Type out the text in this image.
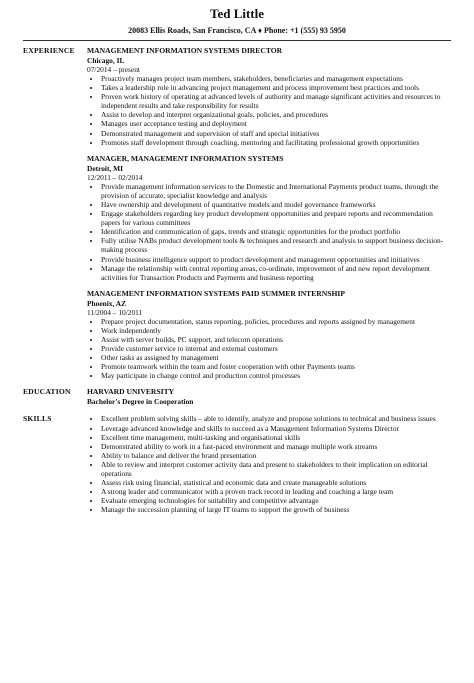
Ted Little
20083 Ellis Roads, San Francisco, CA ♦ Phone: +1 (555) 93 5950
EXPERIENCE	MANAGEMENT INFORMATION SYSTEMS DIRECTOR
Chicago, IL
07/2014 – present
• Proactively manages project team members, stakeholders, beneficiaries and management expectations
• Takes a leadership role in advancing project management and process improvement best practices and tools
• Proven work history of operating at advanced levels of authority and manage significant activities and resources to independent results and take responsibility for results
• Assist to develop and interpret organizational goals, policies, and procedures
• Manages user acceptance testing and deployment
• Demonstrated management and supervision of staff and special initiatives
• Promotes staff development through coaching, mentoring and facilitating professional growth opportunities
MANAGER, MANAGEMENT INFORMATION SYSTEMS
Detroit, MI
12/2011 – 02/2014
• Provide management information services to the Domestic and International Payments product teams, through the provision of accurate, specialist knowledge and analysis
• Have ownership and development of quantitative models and model governance frameworks
• Engage stakeholders regarding key product development opportunities and prepare reports and recommendation papers for various committees
• Identification and communication of gaps, trends and strategic opportunities for the product portfolio
• Fully utilise NABs product development tools & techniques and research and analysis to support business decision-making process
• Provide business intelligence support to product development and management opportunities and initiatives
• Manage the relationship with central reporting areas, co-ordinate, improvement of and new report development activities for Transaction Products and Payments and business reporting
MANAGEMENT INFORMATION SYSTEMS PAID SUMMER INTERNSHIP
Phoenix, AZ
11/2004 – 10/2011
• Prepare project documentation, status reporting, policies, procedures and reports assigned by management
• Work independently
• Assist with server builds, PC support, and telecom operations
• Provide customer service to internal and external customers
• Other tasks as assigned by management
• Promote teamwork within the team and foster cooperation with other Payments teams
• May participate in change control and production control processes
EDUCATION	HARVARD UNIVERSITY
Bachelor's Degree in Cooperation
SKILLS
•	Excellent problem solving skills – able to identify, analyze and propose solutions to technical and business issues
• Leverage advanced knowledge and skills to succeed as a Management Information Systems Director
• Excellent time management, multi-tasking and organisational skills
• Demonstrated ability to work in a fast-paced environment and manage multiple work streams
• Ability to balance and deliver the brand presentation
• Able to review and interpret customer activity data and present to stakeholders to their implication on editorial operations
• Assess risk using financial, statistical and economic data and create manageable solutions
• A strong leader and communicator with a proven track record in leading and coaching a large team
• Evaluate emerging technologies for suitability and competitive advantage
• Manage the succession planning of large IT teams to support the growth of business
